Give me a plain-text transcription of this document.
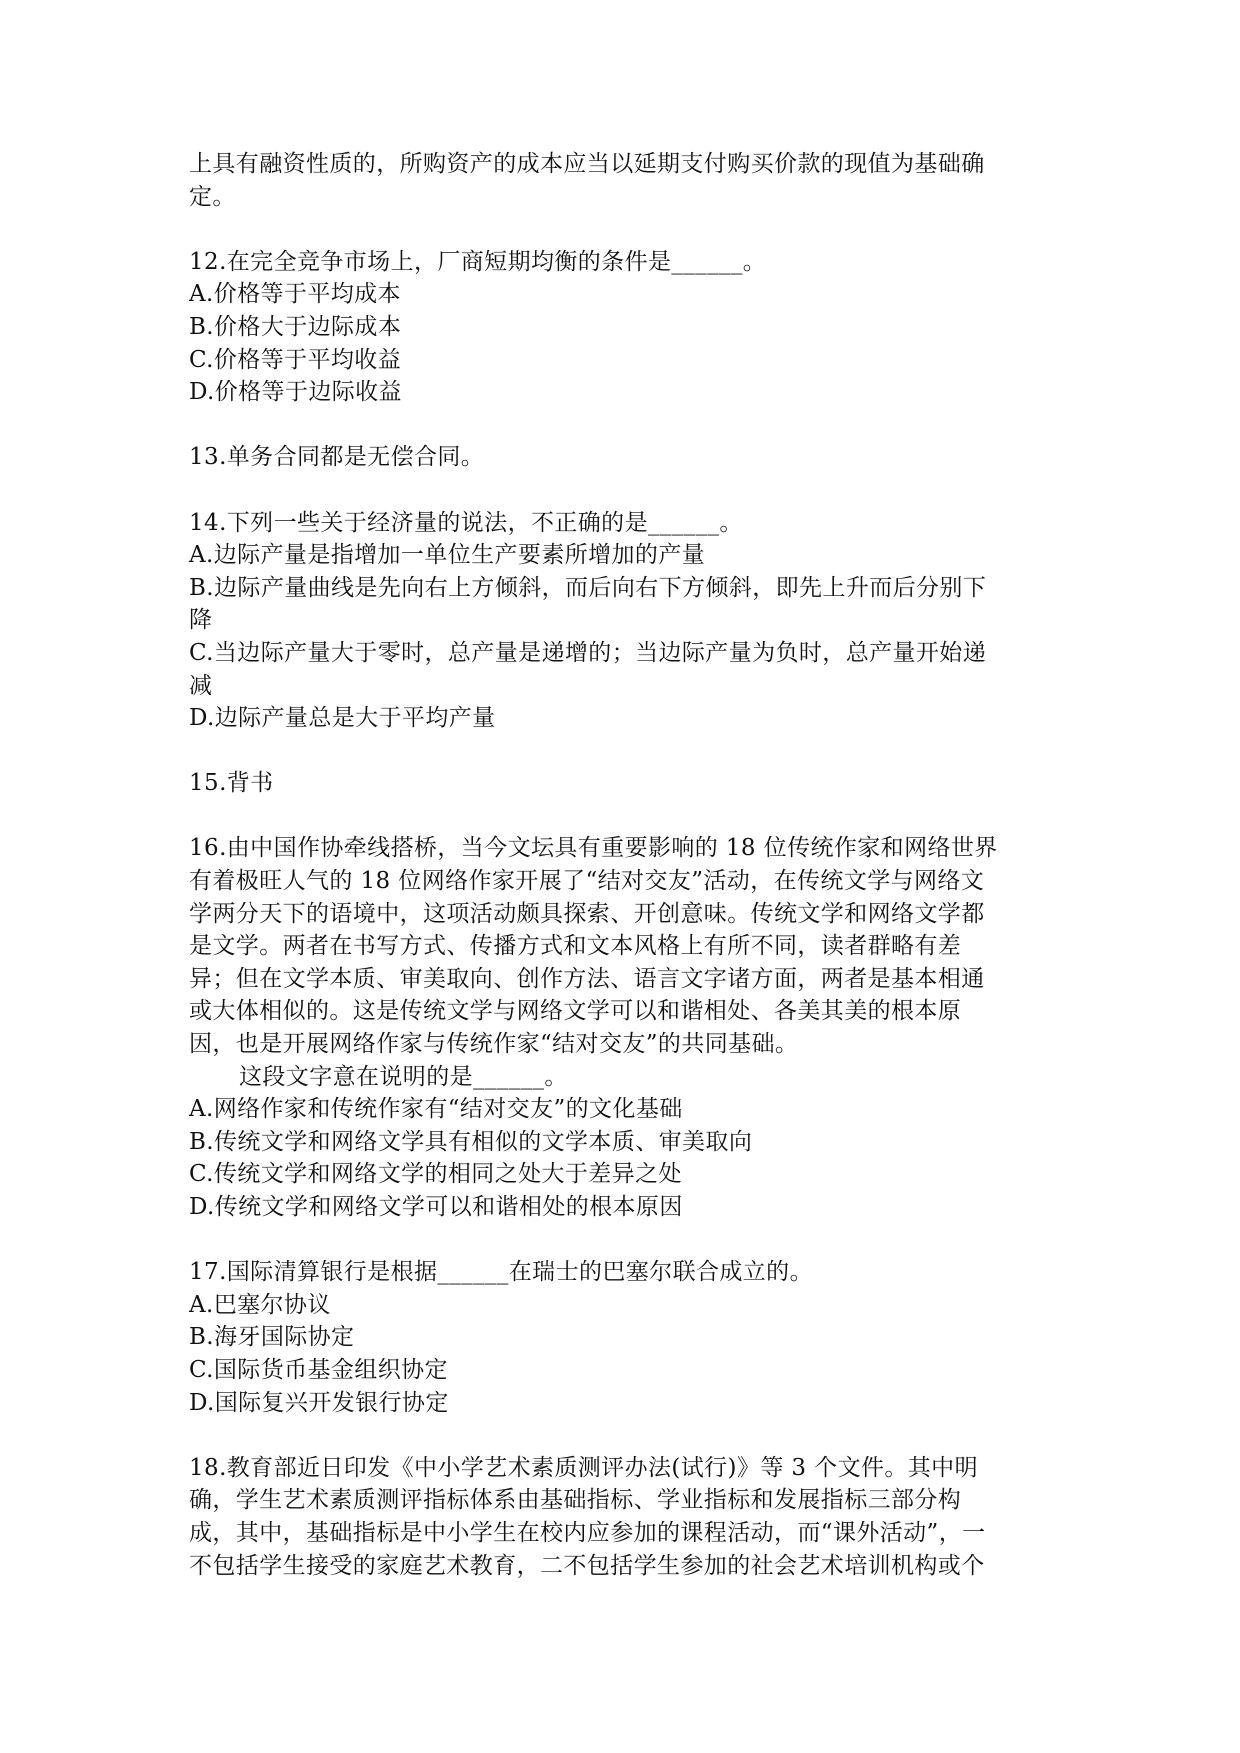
上具有融资性质的，所购资产的成本应当以延期支付购买价款的现值为基础确
定。
12.在完全竞争市场上，厂商短期均衡的条件是______。
A.价格等于平均成本
B.价格大于边际成本
C.价格等于平均收益
D.价格等于边际收益
13.单务合同都是无偿合同。
14.下列一些关于经济量的说法，不正确的是______。
A.边际产量是指增加一单位生产要素所增加的产量
B.边际产量曲线是先向右上方倾斜，而后向右下方倾斜，即先上升而后分别下
降
C.当边际产量大于零时，总产量是递增的；当边际产量为负时，总产量开始递
减
D.边际产量总是大于平均产量
15.背书
16.由中国作协牵线搭桥，当今文坛具有重要影响的 18 位传统作家和网络世界
有着极旺人气的 18 位网络作家开展了“结对交友”活动，在传统文学与网络文
学两分天下的语境中，这项活动颇具探索、开创意味。传统文学和网络文学都
是文学。两者在书写方式、传播方式和文本风格上有所不同，读者群略有差
异；但在文学本质、审美取向、创作方法、语言文字诸方面，两者是基本相通
或大体相似的。这是传统文学与网络文学可以和谐相处、各美其美的根本原
因，也是开展网络作家与传统作家“结对交友”的共同基础。
这段文字意在说明的是______。
A.网络作家和传统作家有“结对交友”的文化基础
B.传统文学和网络文学具有相似的文学本质、审美取向
C.传统文学和网络文学的相同之处大于差异之处
D.传统文学和网络文学可以和谐相处的根本原因
17.国际清算银行是根据______在瑞士的巴塞尔联合成立的。
A.巴塞尔协议
B.海牙国际协定
C.国际货币基金组织协定
D.国际复兴开发银行协定
18.教育部近日印发《中小学艺术素质测评办法(试行)》等 3 个文件。其中明
确，学生艺术素质测评指标体系由基础指标、学业指标和发展指标三部分构
成，其中，基础指标是中小学生在校内应参加的课程活动，而“课外活动”，一
不包括学生接受的家庭艺术教育，二不包括学生参加的社会艺术培训机构或个
